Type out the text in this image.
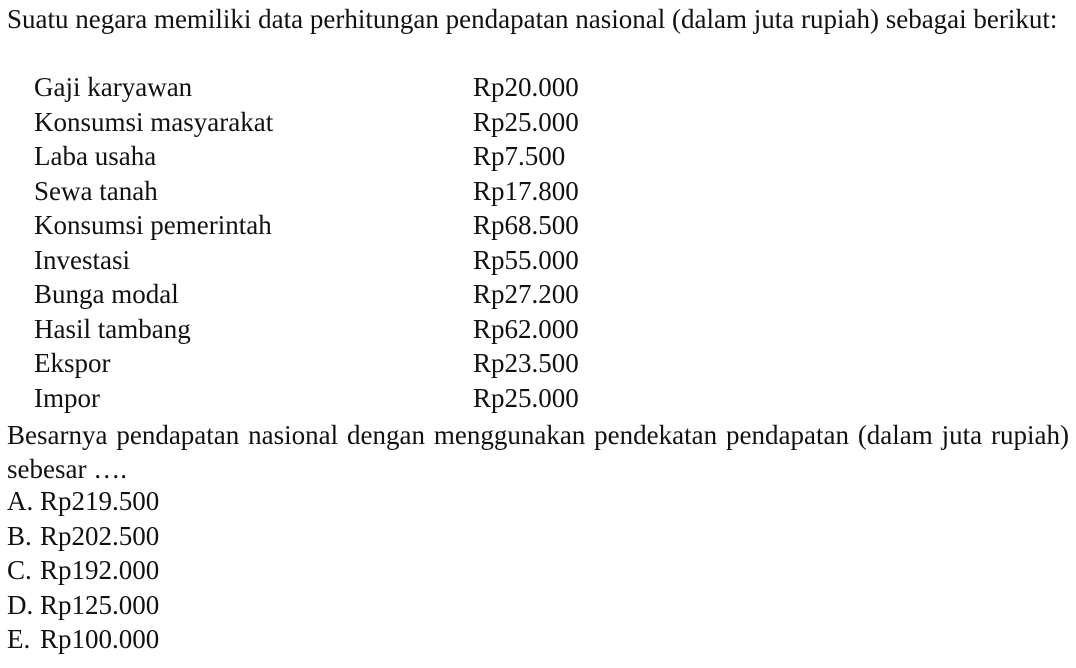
Suatu negara memiliki data perhitungan pendapatan nasional (dalam juta rupiah) sebagai berikut:
Gaji karyawan	Rp20.000
Konsumsi masyarakat	Rp25.000
Laba usaha	Rp7.500
Sewa tanah	Rp17.800
Konsumsi pemerintah	Rp68.500
Investasi	Rp55.000
Bunga modal	Rp27.200
Hasil tambang	Rp62.000
Ekspor	Rp23.500
Impor	Rp25.000
Besarnya pendapatan nasional dengan menggunakan pendekatan pendapatan (dalam juta rupiah) sebesar ….
A. Rp219.500
B. Rp202.500
C. Rp192.000
D. Rp125.000
E. Rp100.000
